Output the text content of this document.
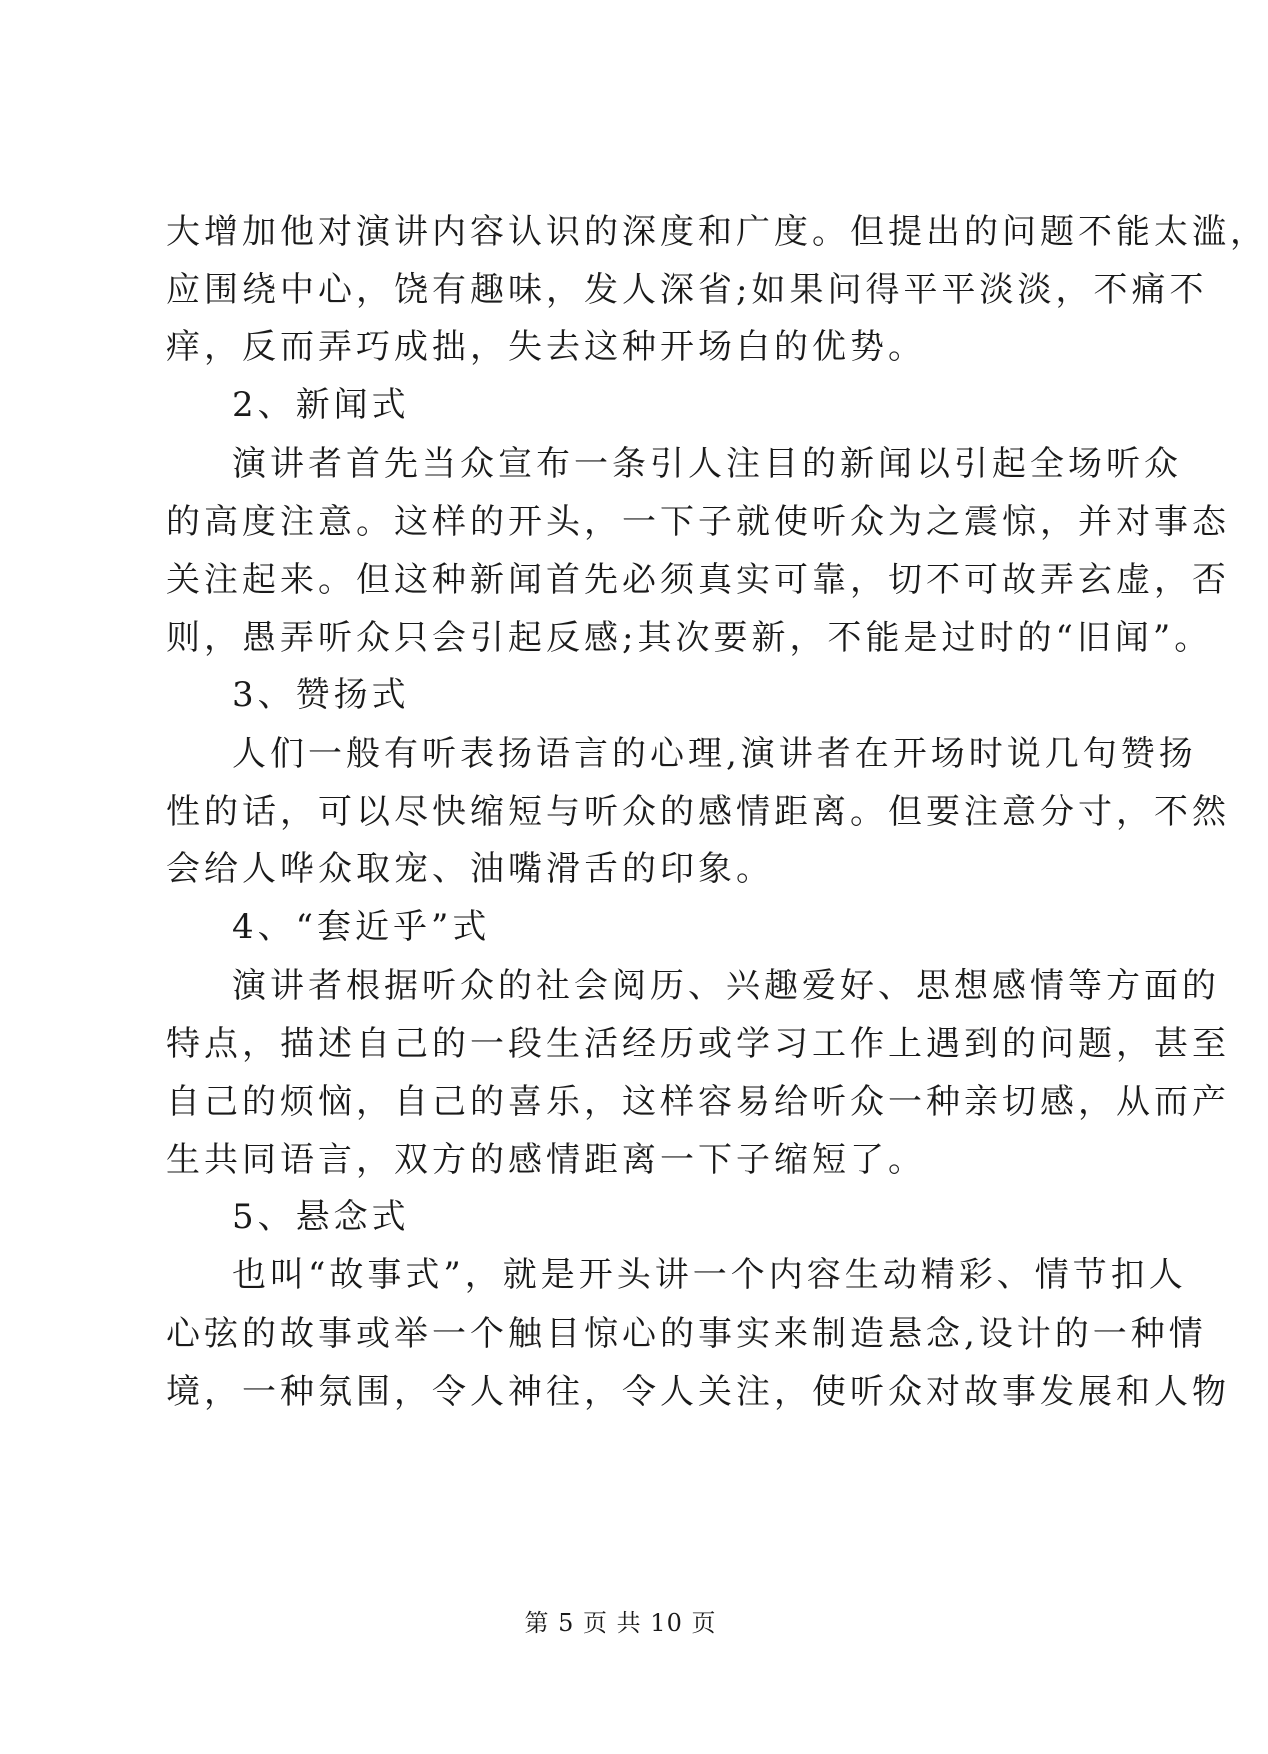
大增加他对演讲内容认识的深度和广度。但提出的问题不能太滥，
应围绕中心，饶有趣味，发人深省;如果问得平平淡淡，不痛不
痒，反而弄巧成拙，失去这种开场白的优势。
2、新闻式
演讲者首先当众宣布一条引人注目的新闻以引起全场听众
的高度注意。这样的开头，一下子就使听众为之震惊，并对事态
关注起来。但这种新闻首先必须真实可靠，切不可故弄玄虚，否
则，愚弄听众只会引起反感;其次要新，不能是过时的“旧闻”。
3、赞扬式
人们一般有听表扬语言的心理,演讲者在开场时说几句赞扬
性的话，可以尽快缩短与听众的感情距离。但要注意分寸，不然
会给人哗众取宠、油嘴滑舌的印象。
4、“套近乎”式
演讲者根据听众的社会阅历、兴趣爱好、思想感情等方面的
特点，描述自己的一段生活经历或学习工作上遇到的问题，甚至
自己的烦恼，自己的喜乐，这样容易给听众一种亲切感，从而产
生共同语言，双方的感情距离一下子缩短了。
5、悬念式
也叫“故事式”，就是开头讲一个内容生动精彩、情节扣人
心弦的故事或举一个触目惊心的事实来制造悬念,设计的一种情
境，一种氛围，令人神往，令人关注，使听众对故事发展和人物
第 5 页 共 10 页
